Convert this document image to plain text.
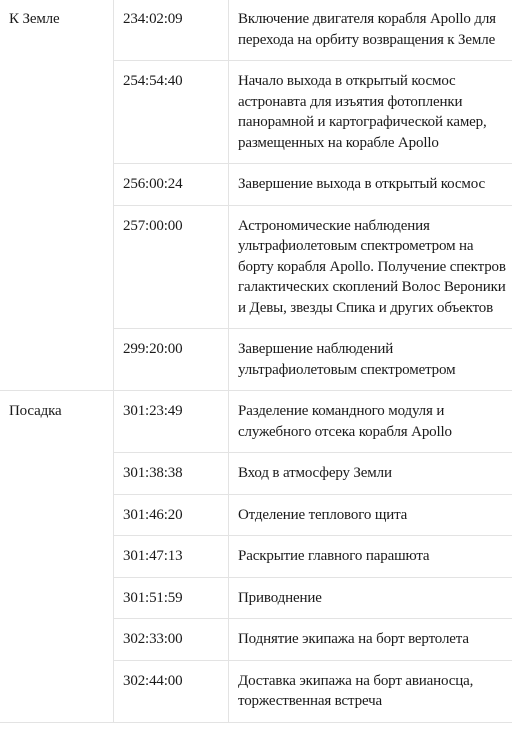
К Земле	234:02:09	Включение двигателя корабля Apollo для перехода на орбиту возвращения к Земле
	254:54:40	Начало выхода в открытый космос астронавта для изъятия фотопленки панорамной и картографической камер, размещенных на корабле Apollo
	256:00:24	Завершение выхода в открытый космос
	257:00:00	Астрономические наблюдения ультрафиолетовым спектрометром на борту корабля Apollo. Получение спектров галактических скоплений Волос Вероники и Девы, звезды Спика и других объектов
	299:20:00	Завершение наблюдений ультрафиолетовым спектрометром
Посадка	301:23:49	Разделение командного модуля и служебного отсека корабля Apollo
	301:38:38	Вход в атмосферу Земли
	301:46:20	Отделение теплового щита
	301:47:13	Раскрытие главного парашюта
	301:51:59	Приводнение
	302:33:00	Поднятие экипажа на борт вертолета
	302:44:00	Доставка экипажа на борт авианосца, торжественная встреча
